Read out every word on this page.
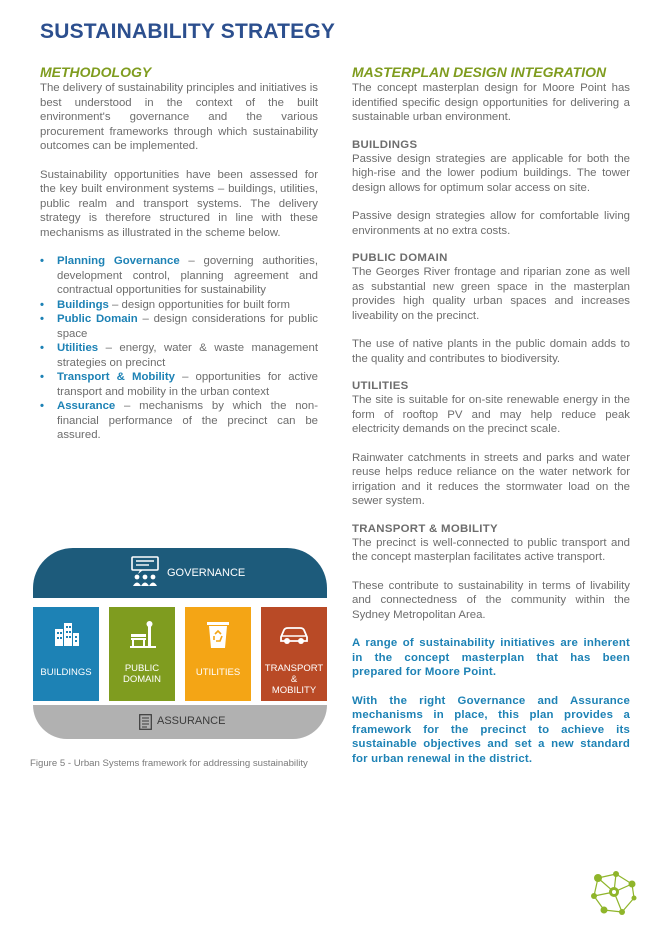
SUSTAINABILITY STRATEGY
METHODOLOGY

The delivery of sustainability principles and initiatives is best understood in the context of the built environment's governance and the various procurement frameworks through which sustainability outcomes can be implemented.

Sustainability opportunities have been assessed for the key built environment systems – buildings, utilities, public realm and transport systems. The delivery strategy is therefore structured in line with these mechanisms as illustrated in the scheme below.

• Planning Governance – governing authorities, development control, planning agreement and contractual opportunities for sustainability
• Buildings – design opportunities for built form
• Public Domain – design considerations for public space
• Utilities – energy, water & waste management strategies on precinct
• Transport & Mobility – opportunities for active transport and mobility in the urban context
• Assurance – mechanisms by which the non-financial performance of the precinct can be assured.
GOVERNANCE
BUILDINGS	PUBLIC
DOMAIN
UTILITIES	TRANSPORT &
MOBILITY
ASSURANCE
Figure 5 - Urban Systems framework for addressing sustainability
MASTERPLAN DESIGN INTEGRATION

The concept masterplan design for Moore Point has identified specific design opportunities for delivering a sustainable urban environment.

BUILDINGS

Passive design strategies are applicable for both the high-rise and the lower podium buildings. The tower design allows for optimum solar access on site.

Passive design strategies allow for comfortable living environments at no extra costs.

PUBLIC DOMAIN

The Georges River frontage and riparian zone as well as substantial new green space in the masterplan provides high quality urban spaces and increases liveability on the precinct.

The use of native plants in the public domain adds to the quality and contributes to biodiversity.

UTILITIES

The site is suitable for on-site renewable energy in the form of rooftop PV and may help reduce peak electricity demands on the precinct scale.

Rainwater catchments in streets and parks and water reuse helps reduce reliance on the water network for irrigation and it reduces the stormwater load on the sewer system.

TRANSPORT & MOBILITY

The precinct is well-connected to public transport and the concept masterplan facilitates active transport.

These contribute to sustainability in terms of livability and connectedness of the community within the Sydney Metropolitan Area.

A range of sustainability initiatives are inherent in the concept masterplan that has been prepared for Moore Point.
With the right Governance and Assurance mechanisms in place, this plan provides a framework for the precinct to achieve its sustainable objectives and set a new standard for urban renewal in the district.
